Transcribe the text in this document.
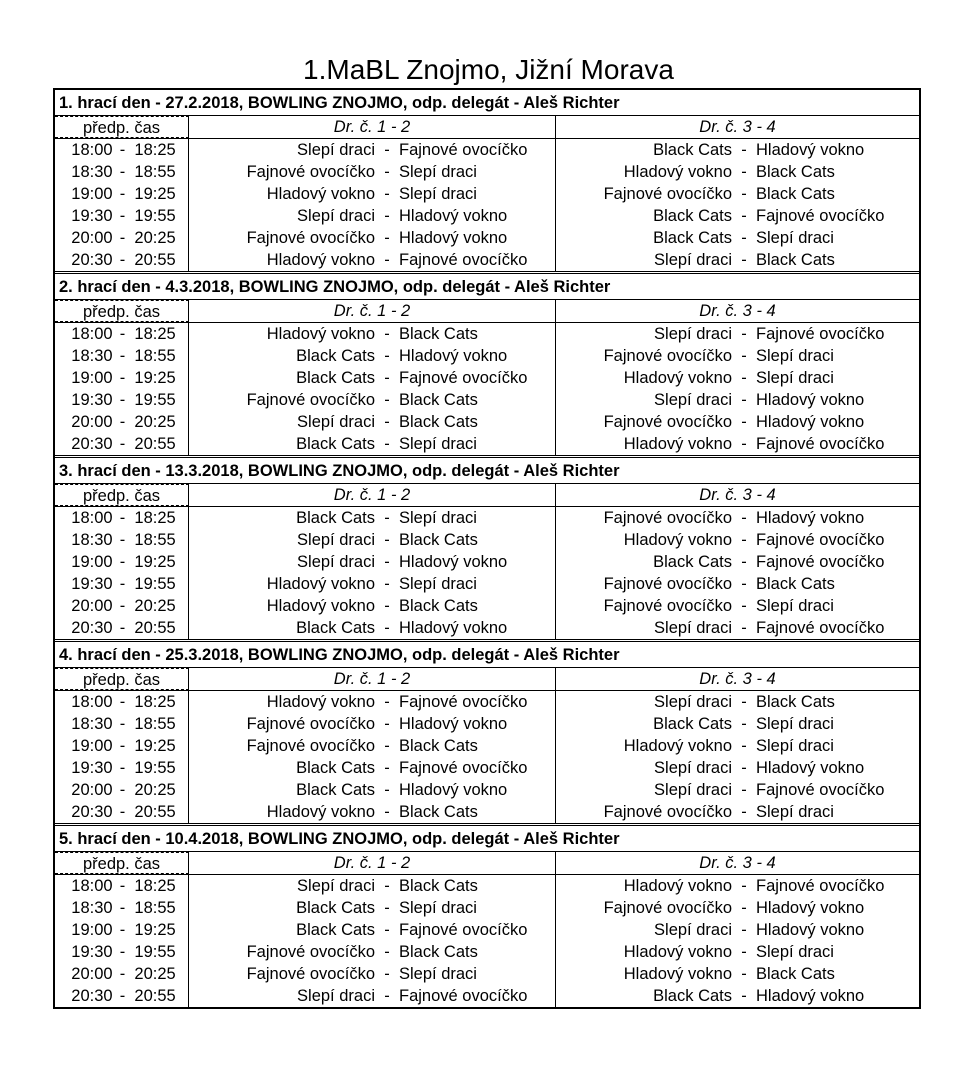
1.MaBL Znojmo, Jižní Morava
1. hrací den - 27.2.2018, BOWLING ZNOJMO, odp. delegát - Aleš Richter
předp. čas	Dr. č. 1 - 2	Dr. č. 3 - 4
18:00 - 18:25	Slepí draci - Fajnové ovocíčko	Black Cats - Hladový vokno
18:30 - 18:55	Fajnové ovocíčko - Slepí draci	Hladový vokno - Black Cats
19:00 - 19:25	Hladový vokno - Slepí draci	Fajnové ovocíčko - Black Cats
19:30 - 19:55	Slepí draci - Hladový vokno	Black Cats - Fajnové ovocíčko
20:00 - 20:25	Fajnové ovocíčko - Hladový vokno	Black Cats - Slepí draci
20:30 - 20:55	Hladový vokno - Fajnové ovocíčko	Slepí draci - Black Cats
2. hrací den - 4.3.2018, BOWLING ZNOJMO, odp. delegát - Aleš Richter
předp. čas	Dr. č. 1 - 2	Dr. č. 3 - 4
18:00 - 18:25	Hladový vokno - Black Cats	Slepí draci - Fajnové ovocíčko
18:30 - 18:55	Black Cats - Hladový vokno	Fajnové ovocíčko - Slepí draci
19:00 - 19:25	Black Cats - Fajnové ovocíčko	Hladový vokno - Slepí draci
19:30 - 19:55	Fajnové ovocíčko - Black Cats	Slepí draci - Hladový vokno
20:00 - 20:25	Slepí draci - Black Cats	Fajnové ovocíčko - Hladový vokno
20:30 - 20:55	Black Cats - Slepí draci	Hladový vokno - Fajnové ovocíčko
3. hrací den - 13.3.2018, BOWLING ZNOJMO, odp. delegát - Aleš Richter
předp. čas	Dr. č. 1 - 2	Dr. č. 3 - 4
18:00 - 18:25	Black Cats - Slepí draci	Fajnové ovocíčko - Hladový vokno
18:30 - 18:55	Slepí draci - Black Cats	Hladový vokno - Fajnové ovocíčko
19:00 - 19:25	Slepí draci - Hladový vokno	Black Cats - Fajnové ovocíčko
19:30 - 19:55	Hladový vokno - Slepí draci	Fajnové ovocíčko - Black Cats
20:00 - 20:25	Hladový vokno - Black Cats	Fajnové ovocíčko - Slepí draci
20:30 - 20:55	Black Cats - Hladový vokno	Slepí draci - Fajnové ovocíčko
4. hrací den - 25.3.2018, BOWLING ZNOJMO, odp. delegát - Aleš Richter
předp. čas	Dr. č. 1 - 2	Dr. č. 3 - 4
18:00 - 18:25	Hladový vokno - Fajnové ovocíčko	Slepí draci - Black Cats
18:30 - 18:55	Fajnové ovocíčko - Hladový vokno	Black Cats - Slepí draci
19:00 - 19:25	Fajnové ovocíčko - Black Cats	Hladový vokno - Slepí draci
19:30 - 19:55	Black Cats - Fajnové ovocíčko	Slepí draci - Hladový vokno
20:00 - 20:25	Black Cats - Hladový vokno	Slepí draci - Fajnové ovocíčko
20:30 - 20:55	Hladový vokno - Black Cats	Fajnové ovocíčko - Slepí draci
5. hrací den - 10.4.2018, BOWLING ZNOJMO, odp. delegát - Aleš Richter
předp. čas	Dr. č. 1 - 2	Dr. č. 3 - 4
18:00 - 18:25	Slepí draci - Black Cats	Hladový vokno - Fajnové ovocíčko
18:30 - 18:55	Black Cats - Slepí draci	Fajnové ovocíčko - Hladový vokno
19:00 - 19:25	Black Cats - Fajnové ovocíčko	Slepí draci - Hladový vokno
19:30 - 19:55	Fajnové ovocíčko - Black Cats	Hladový vokno - Slepí draci
20:00 - 20:25	Fajnové ovocíčko - Slepí draci	Hladový vokno - Black Cats
20:30 - 20:55	Slepí draci - Fajnové ovocíčko	Black Cats - Hladový vokno
